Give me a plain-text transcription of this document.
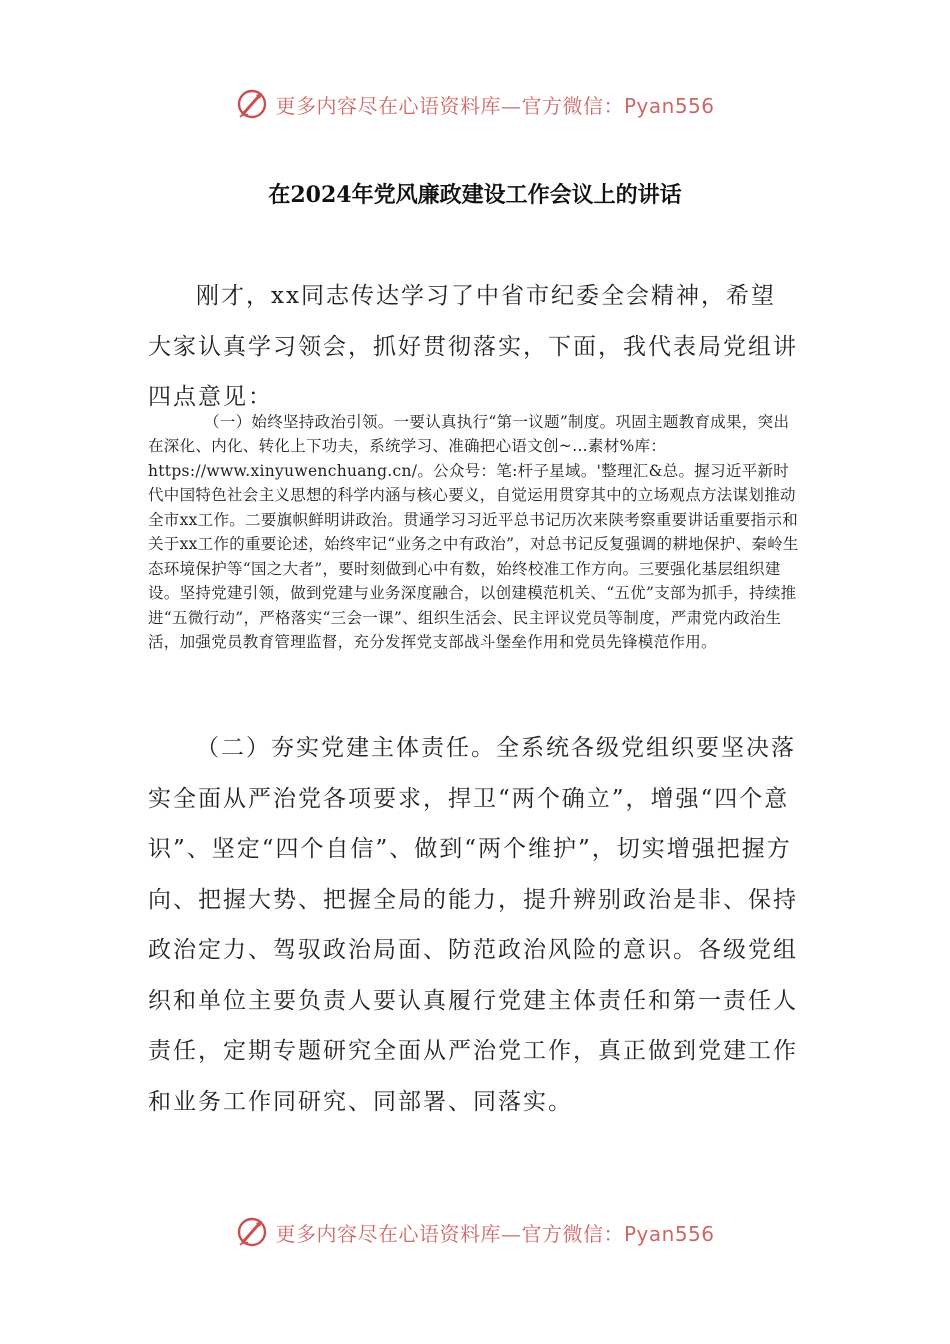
更多内容尽在心语资料库—官方微信：Pyan556
在2024年党风廉政建设工作会议上的讲话

刚才，xx同志传达学习了中省市纪委全会精神，希望大家认真学习领会，抓好贯彻落实，下面，我代表局党组讲四点意见：

（一）始终坚持政治引领。一要认真执行“第一议题”制度。巩固主题教育成果，突出在深化、内化、转化上下功夫，系统学习、准确把心语文创~…素材%库：https://www.xinyuwenchuang.cn/。公众号：笔:杆子星域。'整理汇&总。握习近平新时代中国特色社会主义思想的科学内涵与核心要义，自觉运用贯穿其中的立场观点方法谋划推动全市xx工作。二要旗帜鲜明讲政治。贯通学习习近平总书记历次来陕考察重要讲话重要指示和关于xx工作的重要论述，始终牢记“业务之中有政治”，对总书记反复强调的耕地保护、秦岭生态环境保护等“国之大者”，要时刻做到心中有数，始终校准工作方向。三要强化基层组织建设。坚持党建引领，做到党建与业务深度融合，以创建模范机关、“五优”支部为抓手，持续推进“五微行动”，严格落实“三会一课”、组织生活会、民主评议党员等制度，严肃党内政治生活，加强党员教育管理监督，充分发挥党支部战斗堡垒作用和党员先锋模范作用。

（二）夯实党建主体责任。全系统各级党组织要坚决落实全面从严治党各项要求，捍卫“两个确立”，增强“四个意识”、坚定“四个自信”、做到“两个维护”，切实增强把握方向、把握大势、把握全局的能力，提升辨别政治是非、保持政治定力、驾驭政治局面、防范政治风险的意识。各级党组织和单位主要负责人要认真履行党建主体责任和第一责任人责任，定期专题研究全面从严治党工作，真正做到党建工作和业务工作同研究、同部署、同落实。

更多内容尽在心语资料库—官方微信：Pyan556
